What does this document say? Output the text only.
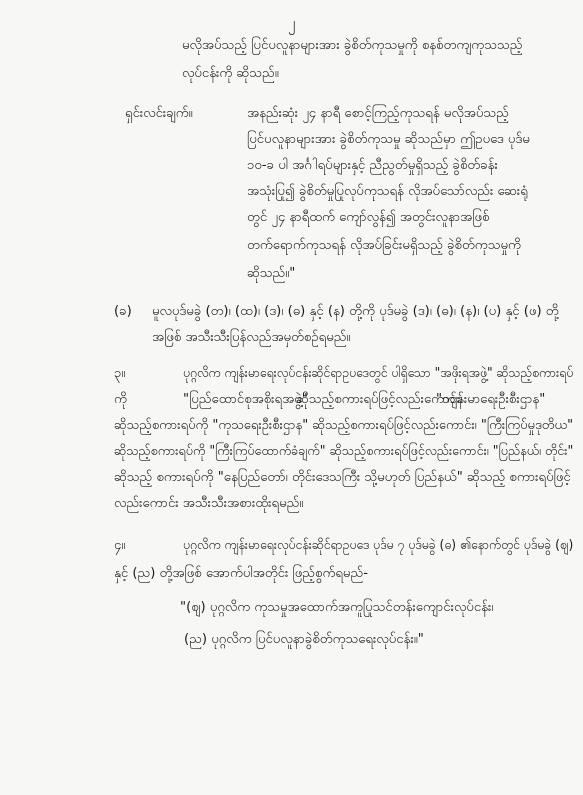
၂
မလိုအပ်သည့် ပြင်ပလူနာများအား ခွဲစိတ်ကုသမှုကို စနစ်တကျကုသသည့်
လုပ်ငန်းကို ဆိုသည်။
ရှင်းလင်းချက်။	အနည်းဆုံး ၂၄ နာရီ စောင့်ကြည့်ကုသရန် မလိုအပ်သည့်
ပြင်ပလူနာများအား ခွဲစိတ်ကုသမှု ဆိုသည်မှာ ဤဥပဒေ ပုဒ်မ
၁၀-ခ ပါ အင်္ဂါရပ်များနှင့် ညီညွတ်မှုရှိသည့် ခွဲစိတ်ခန်း
အသုံးပြု၍ ခွဲစိတ်မှုပြုလုပ်ကုသရန် လိုအပ်သော်လည်း ဆေးရုံ
တွင် ၂၄ နာရီထက် ကျော်လွန်၍ အတွင်းလူနာအဖြစ်
တက်ရောက်ကုသရန် လိုအပ်ခြင်းမရှိသည့် ခွဲစိတ်ကုသမှုကို
ဆိုသည်။"
(ခ) မူလပုဒ်မခွဲ (တ)၊ (ထ)၊ (ဒ)၊ (ဓ) နှင့် (န) တို့ကို ပုဒ်မခွဲ (ဒ)၊ (ဓ)၊ (န)၊ (ပ) နှင့် (ဖ) တို့
အဖြစ် အသီးသီးပြန်လည်အမှတ်စဉ်ရမည်။
၃။	ပုဂ္ဂလိက ကျန်းမာရေးလုပ်ငန်းဆိုင်ရာဥပဒေတွင် ပါရှိသော "အဖိုးရအဖွဲ့" ဆိုသည့်စကားရပ်
ကို	"ပြည်ထောင်စုအစိုးရအဖွဲ့"
ဆိုသည့်စကားရပ်ဖြင့်လည်းကောင်း၊
"ကျန်းမာရေးဦးစီးဌာန"
ဆိုသည့်စကားရပ်ကို "ကုသရေးဦးစီးဌာန" ဆိုသည့်စကားရပ်ဖြင့်လည်းကောင်း၊ "ကြီးကြပ်မှုဒုတိယ"
ဆိုသည့်စကားရပ်ကို "ကြီးကြပ်ထောက်ခံချက်" ဆိုသည့်စကားရပ်ဖြင့်လည်းကောင်း၊ "ပြည်နယ်၊ တိုင်း"
ဆိုသည့် စကားရပ်ကို "နေပြည်တော်၊ တိုင်းဒေသကြီး သို့မဟုတ် ပြည်နယ်" ဆိုသည့် စကားရပ်ဖြင့်
လည်းကောင်း အသီးသီးအစားထိုးရမည်။
၄။	ပုဂ္ဂလိက ကျန်းမာရေးလုပ်ငန်းဆိုင်ရာဥပဒေ ပုဒ်မ ၇ ပုဒ်မခွဲ (ဓ) ၏နောက်တွင် ပုဒ်မခွဲ (ဈ)
နှင့် (ည) တို့အဖြစ် အောက်ပါအတိုင်း ဖြည့်စွက်ရမည်-
"(ဈ) ပုဂ္ဂလိက ကုသမှုအထောက်အကူပြုသင်တန်းကျောင်းလုပ်ငန်း၊
(ည) ပုဂ္ဂလိက ပြင်ပလူနာခွဲစိတ်ကုသရေးလုပ်ငန်း။"
